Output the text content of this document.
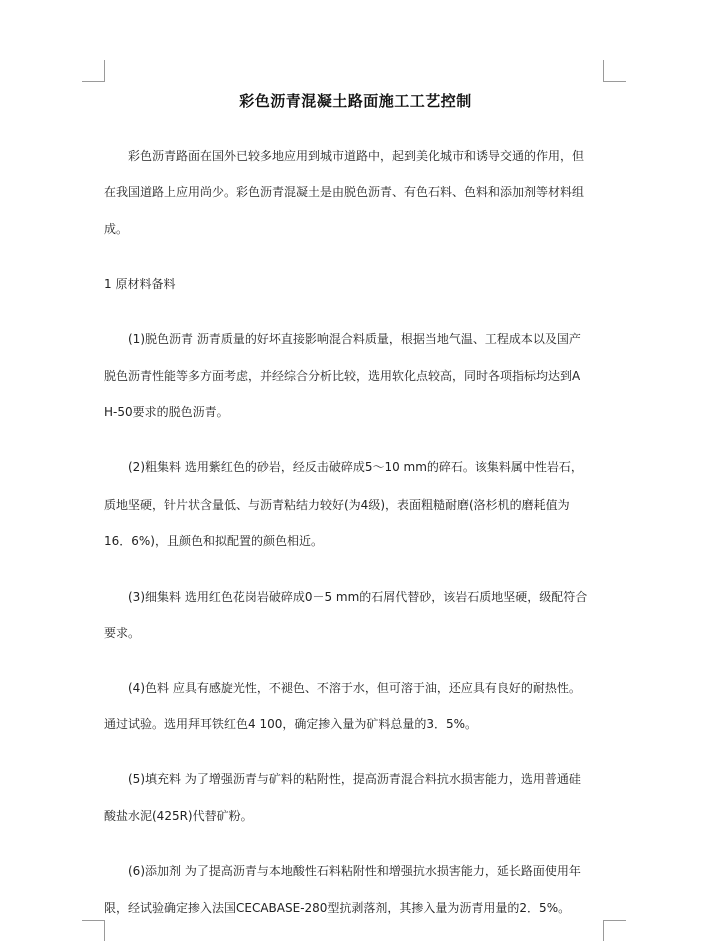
彩色沥青混凝土路面施工工艺控制
彩色沥青路面在国外已较多地应用到城市道路中，起到美化城市和诱导交通的作用，但
在我国道路上应用尚少。彩色沥青混凝土是由脱色沥青、有色石料、色料和添加剂等材料组
成。
1 原材料备料
(1)脱色沥青 沥青质量的好坏直接影响混合料质量，根据当地气温、工程成本以及国产
脱色沥青性能等多方面考虑，并经综合分析比较，选用软化点较高，同时各项指标均达到A
H-50要求的脱色沥青。
(2)粗集料 选用紫红色的砂岩，经反击破碎成5～10 mm的碎石。该集料属中性岩石，
质地坚硬，针片状含量低、与沥青粘结力较好(为4级)，表面粗糙耐磨(洛杉机的磨耗值为
16．6%)，且颜色和拟配置的颜色相近。
(3)细集料 选用红色花岗岩破碎成0－5 mm的石屑代替砂，该岩石质地坚硬，级配符合
要求。
(4)色料 应具有感旋光性，不褪色、不溶于水，但可溶于油，还应具有良好的耐热性。
通过试验。选用拜耳铁红色4 100，确定掺入量为矿料总量的3．5%。
(5)填充料 为了增强沥青与矿料的粘附性，提高沥青混合料抗水损害能力，选用普通硅
酸盐水泥(425R)代替矿粉。
(6)添加剂 为了提高沥青与本地酸性石料粘附性和增强抗水损害能力，延长路面使用年
限，经试验确定掺入法国CECABASE-280型抗剥落剂，其掺入量为沥青用量的2．5%。
